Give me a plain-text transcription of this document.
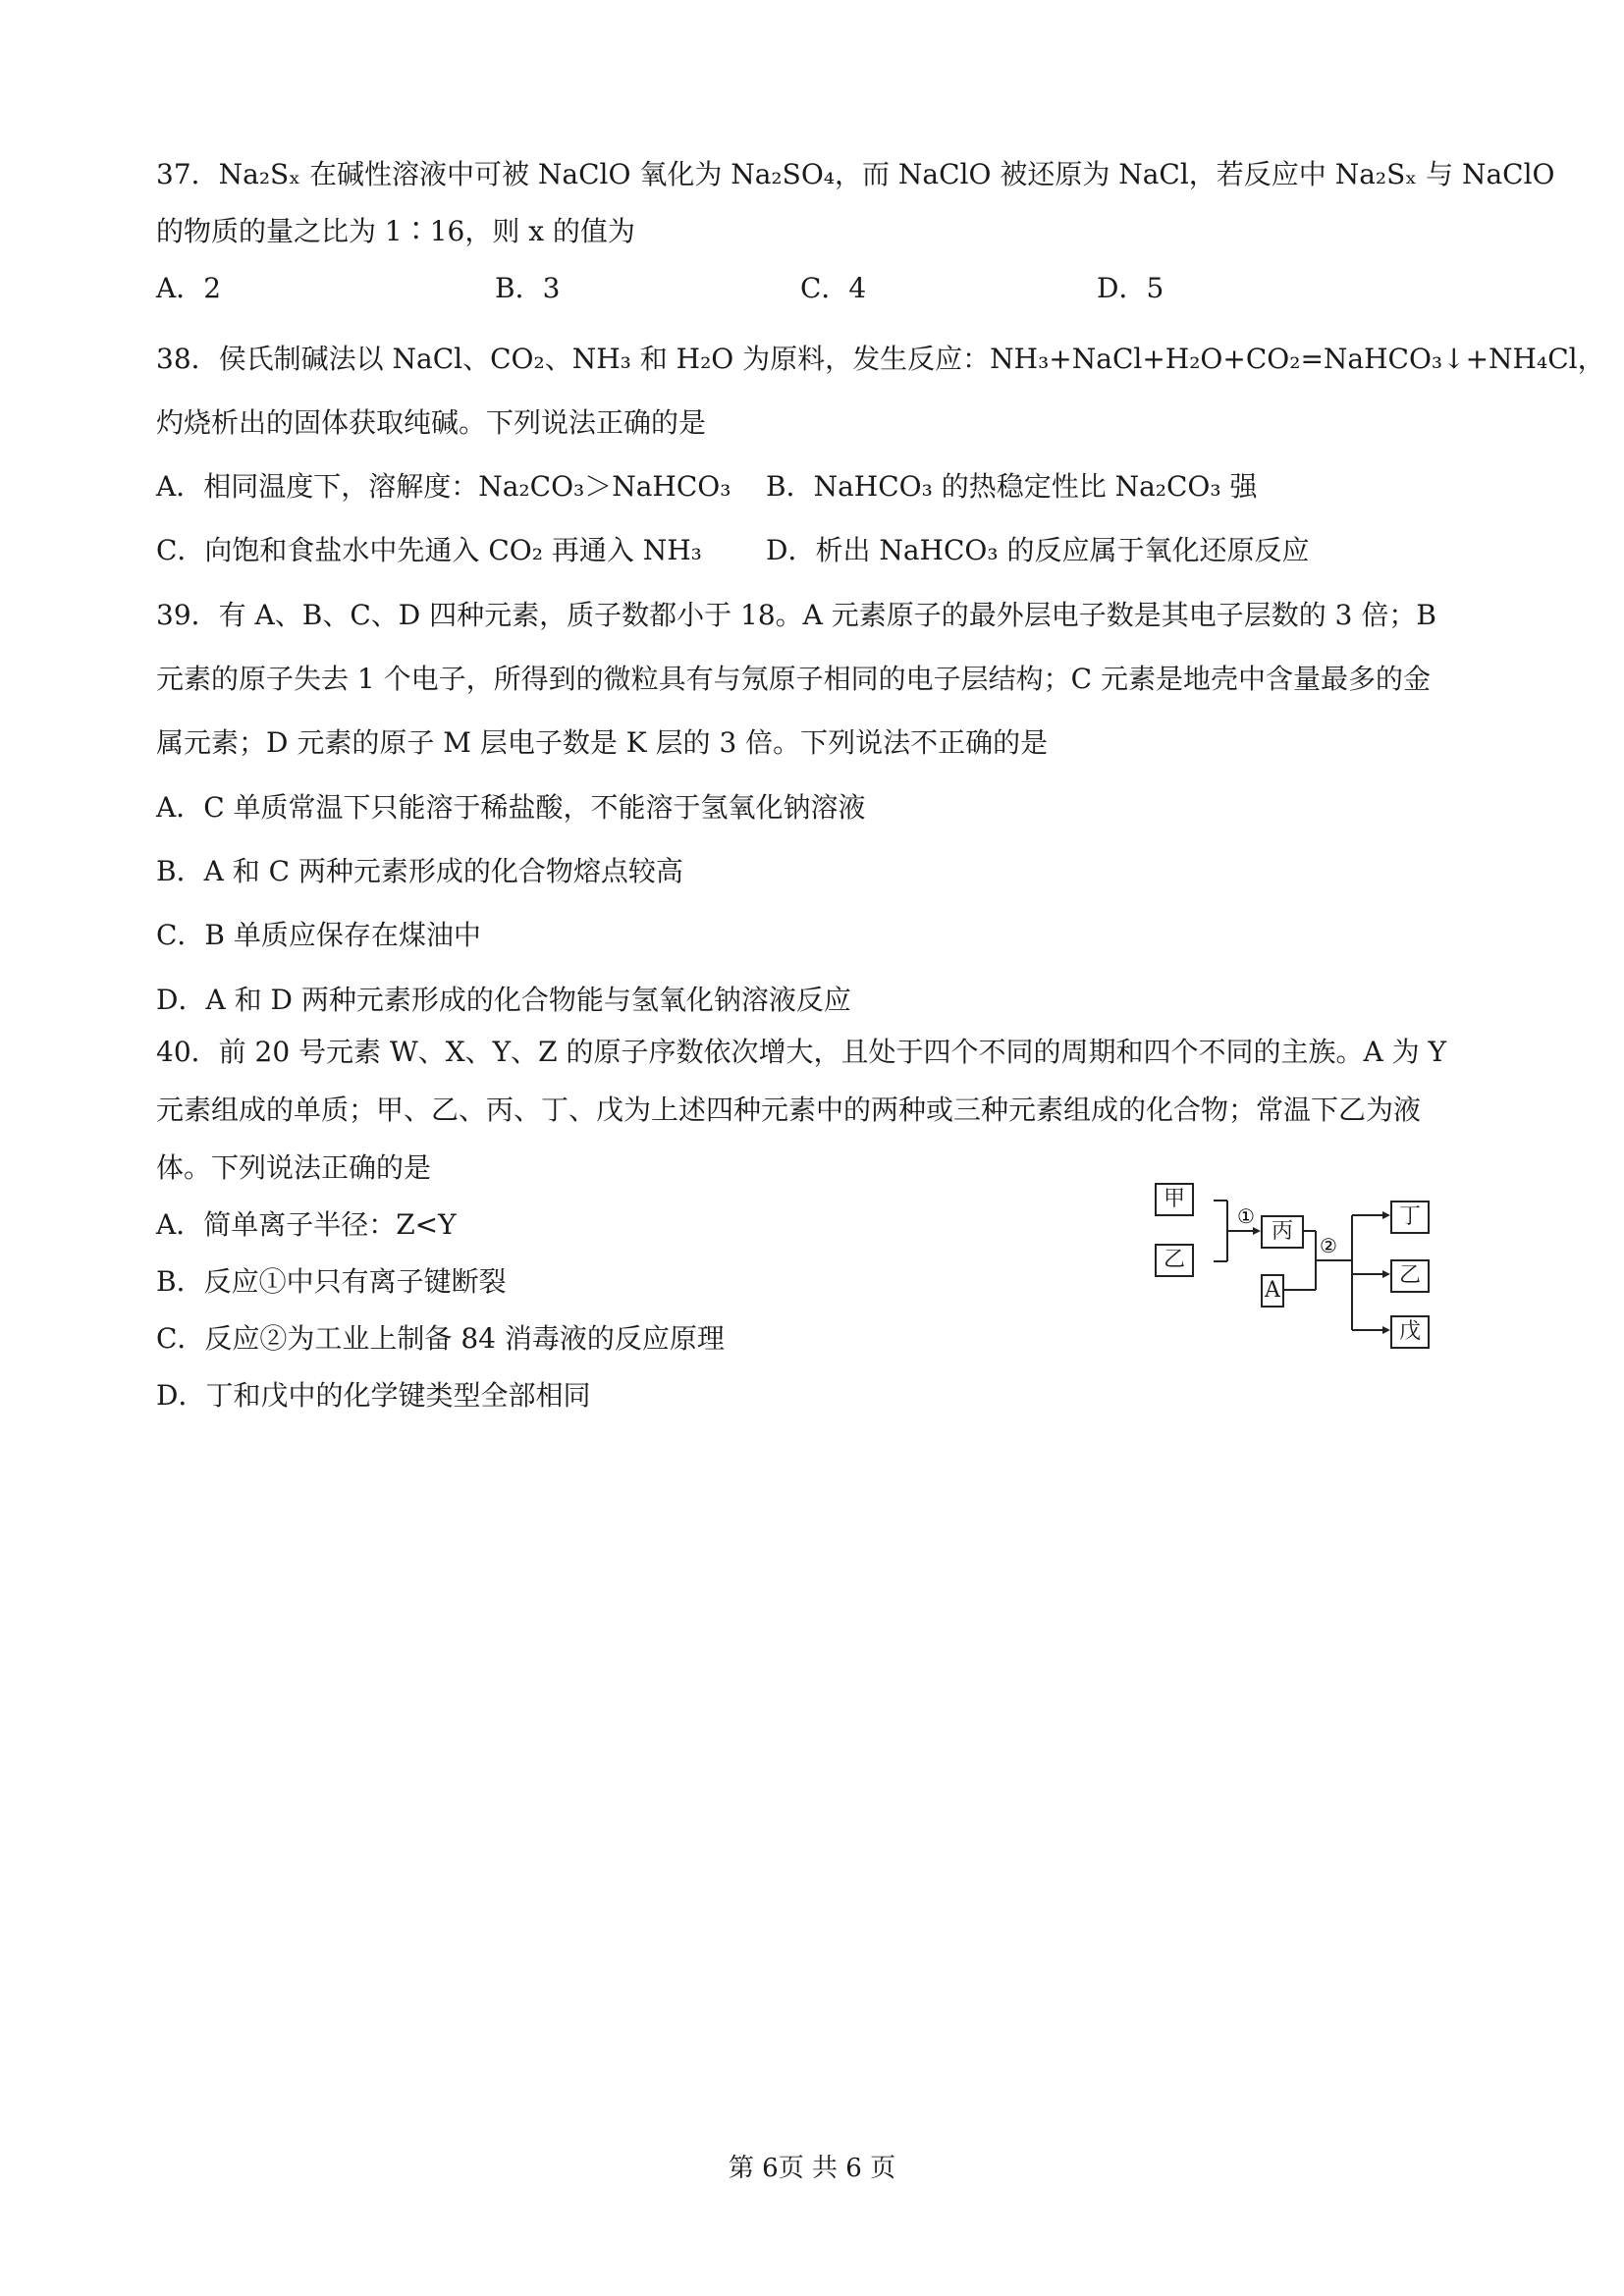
37．Na₂Sₓ 在碱性溶液中可被 NaClO 氧化为 Na₂SO₄，而 NaClO 被还原为 NaCl，若反应中 Na₂Sₓ 与 NaClO
的物质的量之比为 1∶16，则 x 的值为
A．2	B．3	C．4	D．5
38．侯氏制碱法以 NaCl、CO₂、NH₃ 和 H₂O 为原料，发生反应：NH₃+NaCl+H₂O+CO₂=NaHCO₃↓+NH₄Cl，
灼烧析出的固体获取纯碱。下列说法正确的是
A．相同温度下，溶解度：Na₂CO₃＞NaHCO₃ B．NaHCO₃ 的热稳定性比 Na₂CO₃ 强
C．向饱和食盐水中先通入 CO₂ 再通入 NH₃ D．析出 NaHCO₃ 的反应属于氧化还原反应
39．有 A、B、C、D 四种元素，质子数都小于 18。A 元素原子的最外层电子数是其电子层数的 3 倍；B
元素的原子失去 1 个电子，所得到的微粒具有与氖原子相同的电子层结构；C 元素是地壳中含量最多的金
属元素；D 元素的原子 M 层电子数是 K 层的 3 倍。下列说法不正确的是
A．C 单质常温下只能溶于稀盐酸，不能溶于氢氧化钠溶液
B．A 和 C 两种元素形成的化合物熔点较高
C．B 单质应保存在煤油中
D．A 和 D 两种元素形成的化合物能与氢氧化钠溶液反应
40．前 20 号元素 W、X、Y、Z 的原子序数依次增大，且处于四个不同的周期和四个不同的主族。A 为 Y
元素组成的单质；甲、乙、丙、丁、戊为上述四种元素中的两种或三种元素组成的化合物；常温下乙为液
体。下列说法正确的是
A．简单离子半径：Z<Y
B．反应①中只有离子键断裂
C．反应②为工业上制备 84 消毒液的反应原理
D．丁和戊中的化学键类型全部相同
①
②
甲
乙
丙
A
丁
乙
戊
第 6页 共 6 页
